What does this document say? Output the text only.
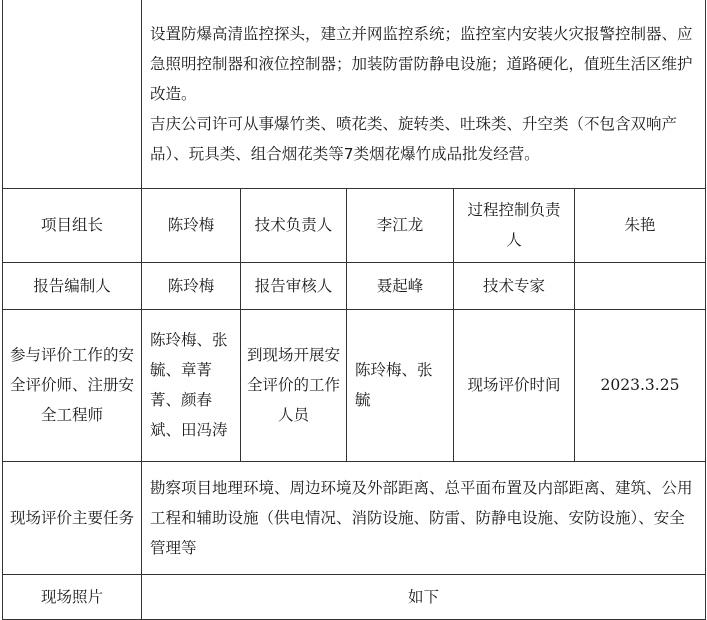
	设置防爆高清监控探头，建立并网监控系统；监控室内安装火灾报警控制器、应急照明控制器和液位控制器；加装防雷防静电设施；道路硬化，值班生活区维护改造。
吉庆公司许可从事爆竹类、喷花类、旋转类、吐珠类、升空类（不包含双响产品）、玩具类、组合烟花类等7类烟花爆竹成品批发经营。				

项目组长	陈玲梅	技术负责人	李江龙	过程控制负责人	朱艳
报告编制人	陈玲梅	报告审核人	聂起峰	技术专家	
参与评价工作的安全评价师、注册安全工程师	陈玲梅、张毓、章菁菁、颜春斌、田冯涛	到现场开展安全评价的工作人员	陈玲梅、张毓	现场评价时间	2023.3.25
现场评价主要任务	勘察项目地理环境、周边环境及外部距离、总平面布置及内部距离、建筑、公用工程和辅助设施（供电情况、消防设施、防雷、防静电设施、安防设施）、安全管理等				
现场照片	如下				
